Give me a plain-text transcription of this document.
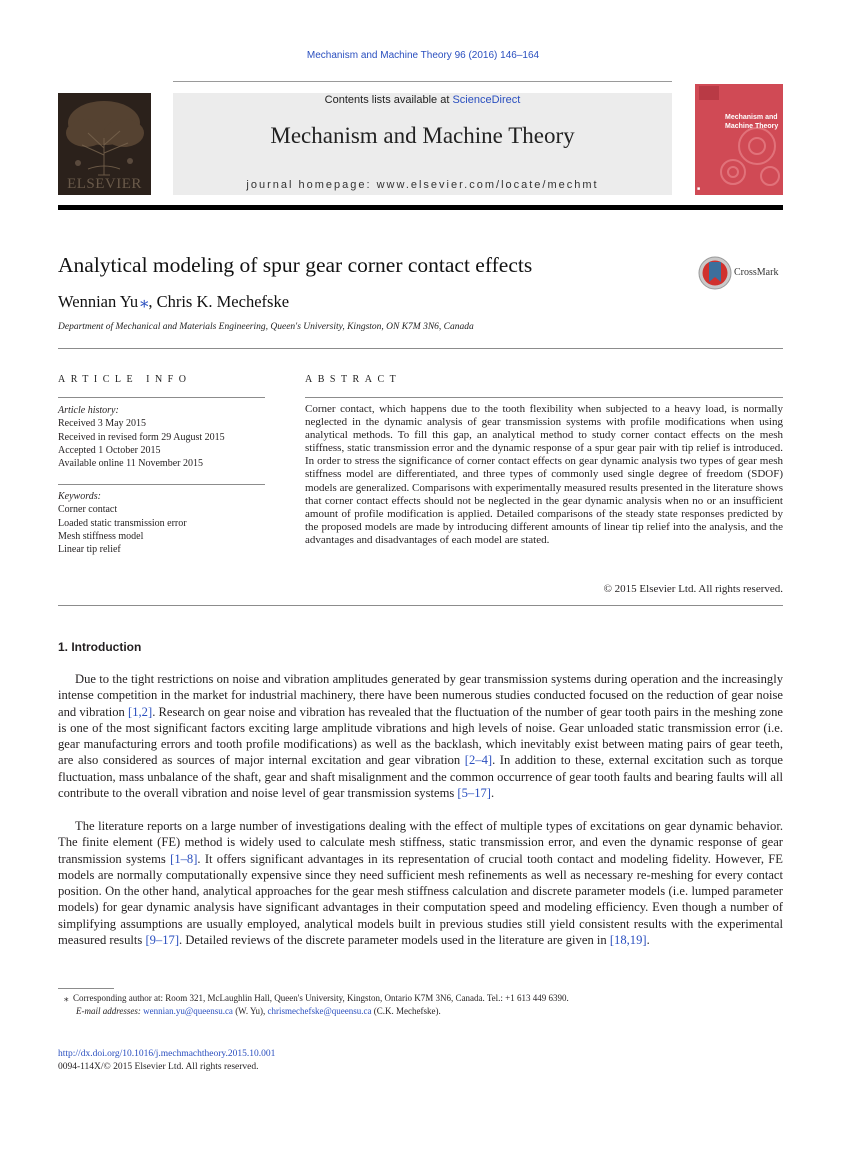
Mechanism and Machine Theory 96 (2016) 146–164
ELSEVIER
Contents lists available at ScienceDirect
Mechanism and Machine Theory
journal homepage: www.elsevier.com/locate/mechmt
Mechanism and Machine Theory
■
Analytical modeling of spur gear corner contact effects	CrossMark
Wennian Yu ⁎, Chris K. Mechefske
Department of Mechanical and Materials Engineering, Queen's University, Kingston, ON K7M 3N6, Canada
ARTICLE INFO	ABSTRACT
Article history:
Received 3 May 2015
Received in revised form 29 August 2015
Accepted 1 October 2015
Available online 11 November 2015
Keywords:
Corner contact
Loaded static transmission error
Mesh stiffness model
Linear tip relief
Corner contact, which happens due to the tooth flexibility when subjected to a heavy load, is normally neglected in the dynamic analysis of gear transmission systems with profile modifications when using analytical methods. To fill this gap, an analytical method to study corner contact effects on the mesh stiffness, static transmission error and the dynamic response of a spur gear pair with tip relief is introduced. In order to stress the significance of corner contact effects on gear dynamic analysis two types of gear mesh stiffness model are differentiated, and three types of commonly used single degree of freedom (SDOF) models are generalized. Comparisons with experimentally measured results presented in the literature shows that corner contact effects should not be neglected in the gear dynamic analysis when no or an insufficient amount of profile modification is applied. Detailed comparisons of the steady state responses predicted by the proposed models are made by introducing different amounts of linear tip relief into the analysis, and the advantages and disadvantages of each model are stated.
© 2015 Elsevier Ltd. All rights reserved.
1. Introduction
Due to the tight restrictions on noise and vibration amplitudes generated by gear transmission systems during operation and the increasingly intense competition in the market for industrial machinery, there have been numerous studies conducted focused on the reduction of gear noise and vibration [1,2]. Research on gear noise and vibration has revealed that the fluctuation of the number of gear tooth pairs in the meshing zone is one of the most significant factors exciting large amplitude vibrations and high levels of noise. Gear unloaded static transmission error (i.e. gear manufacturing errors and tooth profile modifications) as well as the backlash, which inevitably exist between mating pairs of gear teeth, are also considered as sources of major internal excitation and gear vibration [2–4]. In addition to these, external excitation such as torque fluctuation, mass unbalance of the shaft, gear and shaft misalignment and the common occurrence of gear tooth faults and bearing faults will all contribute to the overall vibration and noise level of gear transmission systems [5–17].
The literature reports on a large number of investigations dealing with the effect of multiple types of excitations on gear dynamic behavior. The finite element (FE) method is widely used to calculate mesh stiffness, static transmission error, and even the dynamic response of gear transmission systems [1–8]. It offers significant advantages in its representation of crucial tooth contact and modeling fidelity. However, FE models are normally computationally expensive since they need sufficient mesh refinements as well as necessary re-meshing for every contact position. On the other hand, analytical approaches for the gear mesh stiffness calculation and discrete parameter models (i.e. lumped parameter models) for gear dynamic analysis have significant advantages in their computation speed and modeling efficiency. Even though a number of simplifying assumptions are usually employed, analytical models built in previous studies still yield consistent results with the experimental measured results [9–17]. Detailed reviews of the discrete parameter models used in the literature are given in [18,19].
⁎ Corresponding author at: Room 321, McLaughlin Hall, Queen's University, Kingston, Ontario K7M 3N6, Canada. Tel.: +1 613 449 6390.
E-mail addresses: wennian.yu@queensu.ca (W. Yu), chrismechefske@queensu.ca (C.K. Mechefske).
http://dx.doi.org/10.1016/j.mechmachtheory.2015.10.001
0094-114X/© 2015 Elsevier Ltd. All rights reserved.
